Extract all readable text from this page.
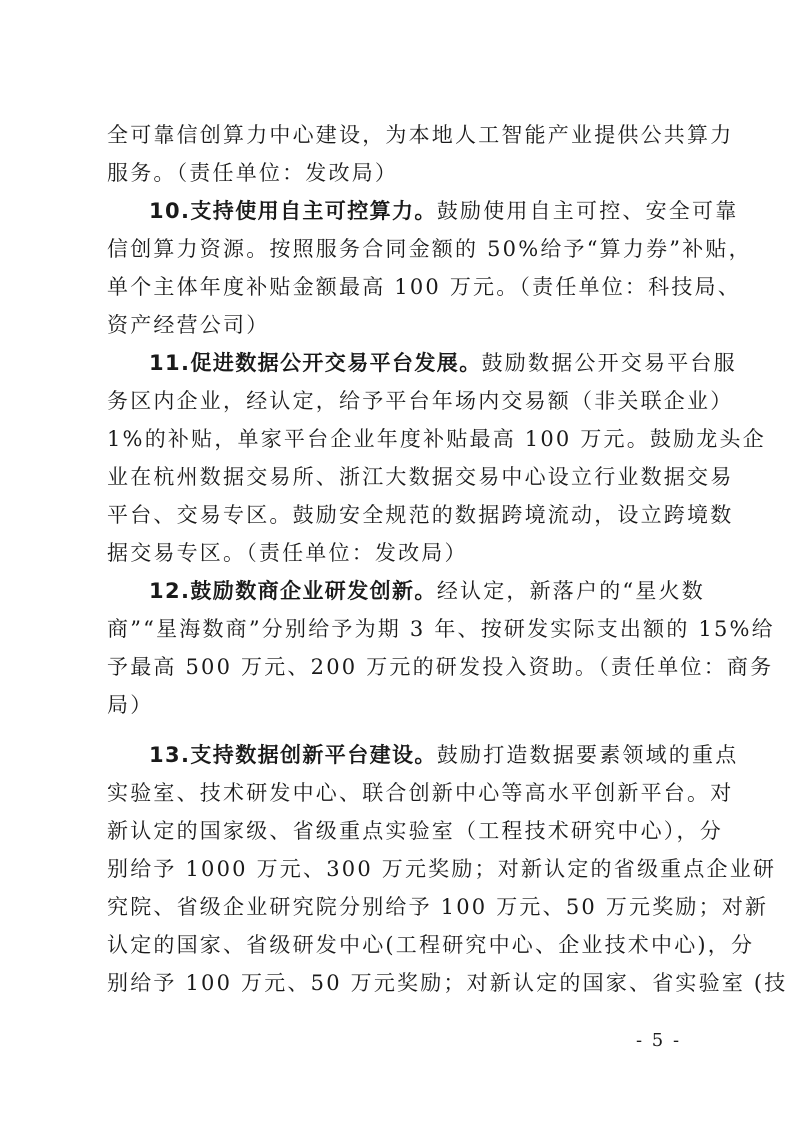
全可靠信创算力中心建设，为本地人工智能产业提供公共算力
服务。（责任单位：发改局）
10.支持使用自主可控算力。鼓励使用自主可控、安全可靠
信创算力资源。按照服务合同金额的 50%给予“算力券”补贴，
单个主体年度补贴金额最高 100 万元。（责任单位：科技局、
资产经营公司）
11.促进数据公开交易平台发展。鼓励数据公开交易平台服
务区内企业，经认定，给予平台年场内交易额（非关联企业）
1%的补贴，单家平台企业年度补贴最高 100 万元。鼓励龙头企
业在杭州数据交易所、浙江大数据交易中心设立行业数据交易
平台、交易专区。鼓励安全规范的数据跨境流动，设立跨境数
据交易专区。（责任单位：发改局）
12.鼓励数商企业研发创新。经认定，新落户的“星火数
商”“星海数商”分别给予为期 3 年、按研发实际支出额的 15%给
予最高 500 万元、200 万元的研发投入资助。（责任单位：商务
局）
13.支持数据创新平台建设。鼓励打造数据要素领域的重点
实验室、技术研发中心、联合创新中心等高水平创新平台。对
新认定的国家级、省级重点实验室（工程技术研究中心），分
别给予 1000 万元、300 万元奖励；对新认定的省级重点企业研
究院、省级企业研究院分别给予 100 万元、50 万元奖励；对新
认定的国家、省级研发中心(工程研究中心、企业技术中心)，分
别给予 100 万元、50 万元奖励；对新认定的国家、省实验室 (技
- 5 -
